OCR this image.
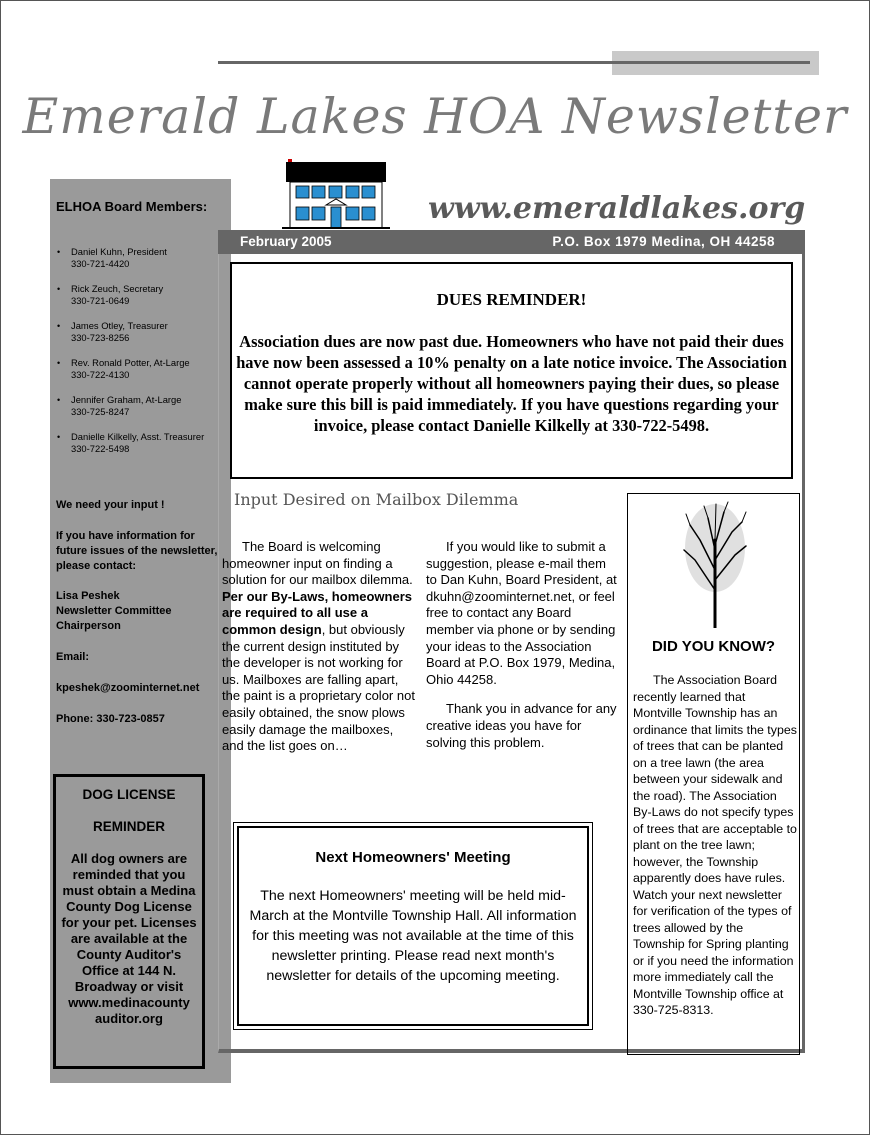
Emerald Lakes HOA Newsletter
www.emeraldlakes.org
ELHOA Board Members:
• Daniel Kuhn, President
330-721-4420
• Rick Zeuch, Secretary
330-721-0649
• James Otley, Treasurer
330-723-8256
• Rev. Ronald Potter, At-Large
330-722-4130
• Jennifer Graham, At-Large
330-725-8247
• Danielle Kilkelly, Asst. Treasurer
330-722-5498
We need your input !
If you have information for future issues of the newsletter, please contact:
Lisa Peshek
Newsletter Committee Chairperson
Email:
kpeshek@zoominternet.net
Phone: 330-723-0857
DOG LICENSE
REMINDER
All dog owners are reminded that you must obtain a Medina County Dog License for your pet. Licenses are available at the County Auditor's Office at 144 N. Broadway or visit www.medinacounty auditor.org
February 2005	P.O. Box 1979 Medina, OH 44258
DUES REMINDER!
Association dues are now past due. Homeowners who have not paid their dues have now been assessed a 10% penalty on a late notice invoice. The Association cannot operate properly without all homeowners paying their dues, so please make sure this bill is paid immediately. If you have questions regarding your invoice, please contact Danielle Kilkelly at 330-722-5498.
Input Desired on Mailbox Dilemma

The Board is welcoming homeowner input on finding a solution for our mailbox dilemma. Per our By-Laws, homeowners are required to all use a common design, but obviously the current design instituted by the developer is not working for us. Mailboxes are falling apart, the paint is a proprietary color not easily obtained, the snow plows easily damage the mailboxes, and the list goes on…

If you would like to submit a suggestion, please e-mail them to Dan Kuhn, Board President, at dkuhn@zoominternet.net, or feel free to contact any Board member via phone or by sending your ideas to the Association Board at P.O. Box 1979, Medina, Ohio 44258.

Thank you in advance for any creative ideas you have for solving this problem.

Next Homeowners' Meeting
The next Homeowners' meeting will be held mid-March at the Montville Township Hall. All information for this meeting was not available at the time of this newsletter printing. Please read next month's newsletter for details of the upcoming meeting.
DID YOU KNOW?
The Association Board recently learned that Montville Township has an ordinance that limits the types of trees that can be planted on a tree lawn (the area between your sidewalk and the road). The Association By-Laws do not specify types of trees that are acceptable to plant on the tree lawn; however, the Township apparently does have rules. Watch your next newsletter for verification of the types of trees allowed by the Township for Spring planting or if you need the information more immediately call the Montville Township office at 330-725-8313.
